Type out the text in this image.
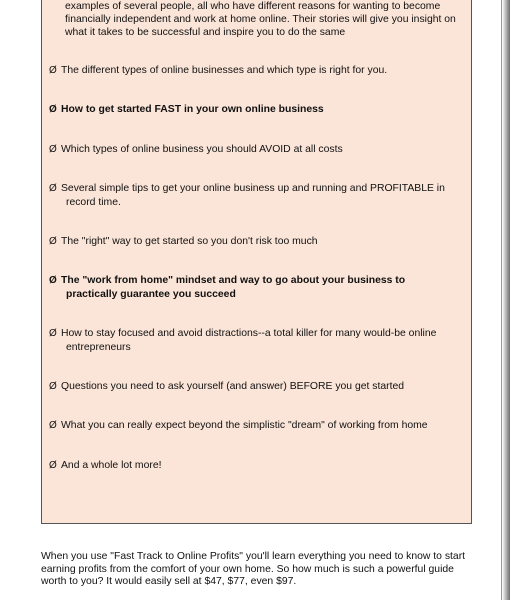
examples of several people, all who have different reasons for wanting to become
financially independent and work at home online. Their stories will give you insight on
what it takes to be successful and inspire you to do the same
Ø The different types of online businesses and which type is right for you.
Ø How to get started FAST in your own online business
Ø Which types of online business you should AVOID at all costs
Ø Several simple tips to get your online business up and running and PROFITABLE in
record time.
Ø The "right" way to get started so you don't risk too much
Ø The "work from home" mindset and way to go about your business to
practically guarantee you succeed
Ø How to stay focused and avoid distractions--a total killer for many would-be online
entrepreneurs
Ø Questions you need to ask yourself (and answer) BEFORE you get started
Ø What you can really expect beyond the simplistic "dream" of working from home
Ø And a whole lot more!
When you use "Fast Track to Online Profits" you'll learn everything you need to know to start
earning profits from the comfort of your own home. So how much is such a powerful guide
worth to you? It would easily sell at $47, $77, even $97.
